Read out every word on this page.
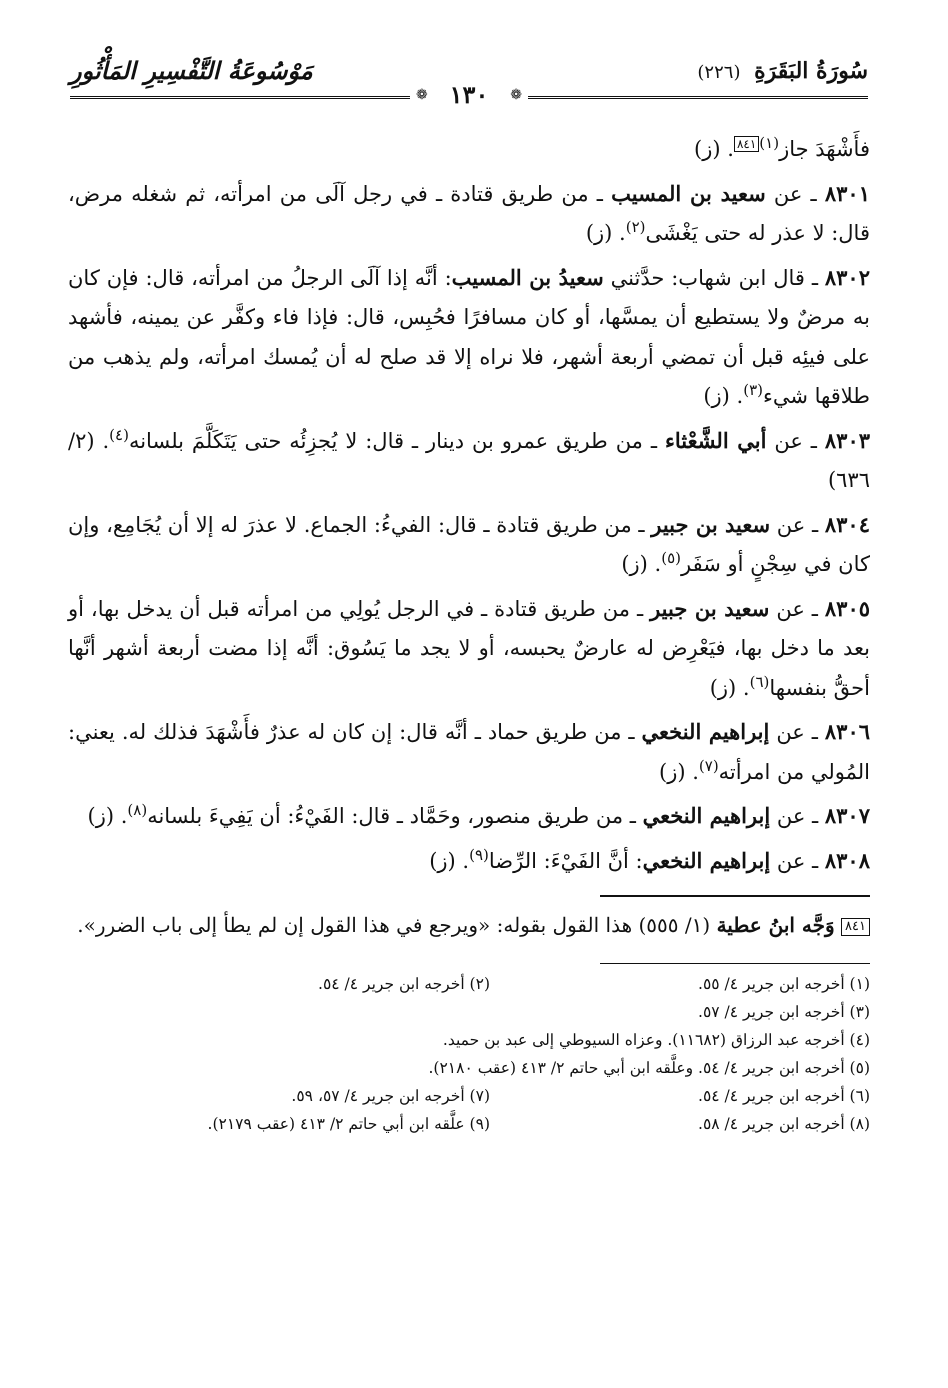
سُورَةُ البَقَرَةِ (٢٢٦)
مَوْسُوعَةُ التَّفْسِيرِ المَأْثُورِ
❁
❁ ١٣٠

فأَشْهَدَ جاز$^{(١)}$٨٤١. (ز)

٨٣٠١ ـ عن سعيد بن المسيب ـ من طريق قتادة ـ في رجل آلَى من امرأته، ثم شغله مرض، قال: لا عذر له حتى يَغْشَى$^{(٢)}$. (ز)

٨٣٠٢ ـ قال ابن شهاب: حدَّثني سعيدُ بن المسيب: أنَّه إذا آلَى الرجلُ من امرأته، قال: فإن كان به مرضٌ ولا يستطيع أن يمسَّها، أو كان مسافرًا فحُبِس، قال: فإذا فاء وكفَّر عن يمينه، فأشهد على فيئِه قبل أن تمضي أربعة أشهر، فلا نراه إلا قد صلح له أن يُمسك امرأته، ولم يذهب من طلاقها شيء$^{(٣)}$. (ز)

٨٣٠٣ ـ عن أبي الشَّعْثاء ـ من طريق عمرو بن دينار ـ قال: لا يُجزِئُه حتى يَتَكَلَّمَ بلسانه$^{(٤)}$. (٢/ ٦٣٦)

٨٣٠٤ ـ عن سعيد بن جبير ـ من طريق قتادة ـ قال: الفيءُ: الجماع. لا عذرَ له إلا أن يُجَامِع، وإن كان في سِجْنٍ أو سَفَر$^{(٥)}$. (ز)

٨٣٠٥ ـ عن سعيد بن جبير ـ من طريق قتادة ـ في الرجل يُولِي من امرأته قبل أن يدخل بها، أو بعد ما دخل بها، فيَعْرِض له عارضٌ يحبسه، أو لا يجد ما يَسُوق: أنَّه إذا مضت أربعة أشهر أنَّها أحقُّ بنفسها$^{(٦)}$. (ز)

٨٣٠٦ ـ عن إبراهيم النخعي ـ من طريق حماد ـ أنَّه قال: إن كان له عذرٌ فأَشْهَدَ فذلك له. يعني: المُولي من امرأته$^{(٧)}$. (ز)

٨٣٠٧ ـ عن إبراهيم النخعي ـ من طريق منصور، وحَمَّاد ـ قال: الفَيْءُ: أن يَفِيءَ بلسانه$^{(٨)}$. (ز)

٨٣٠٨ ـ عن إبراهيم النخعي: أنَّ الفَيْءَ: الرِّضا$^{(٩)}$. (ز)

٨٤١ وَجَّه ابنُ عطية (١/ ٥٥٥) هذا القول بقوله: «ويرجع في هذا القول إن لم يطأ إلى باب الضرر».

(١) أخرجه ابن جرير ٤/ ٥٥.
(٢) أخرجه ابن جرير ٤/ ٥٤.
(٣) أخرجه ابن جرير ٤/ ٥٧.
(٤) أخرجه عبد الرزاق (١١٦٨٢). وعزاه السيوطي إلى عبد بن حميد.
(٥) أخرجه ابن جرير ٤/ ٥٤. وعلَّقه ابن أبي حاتم ٢/ ٤١٣ (عقب ٢١٨٠).
(٦) أخرجه ابن جرير ٤/ ٥٤.
(٧) أخرجه ابن جرير ٤/ ٥٧، ٥٩.
(٨) أخرجه ابن جرير ٤/ ٥٨.
(٩) علَّقه ابن أبي حاتم ٢/ ٤١٣ (عقب ٢١٧٩).
